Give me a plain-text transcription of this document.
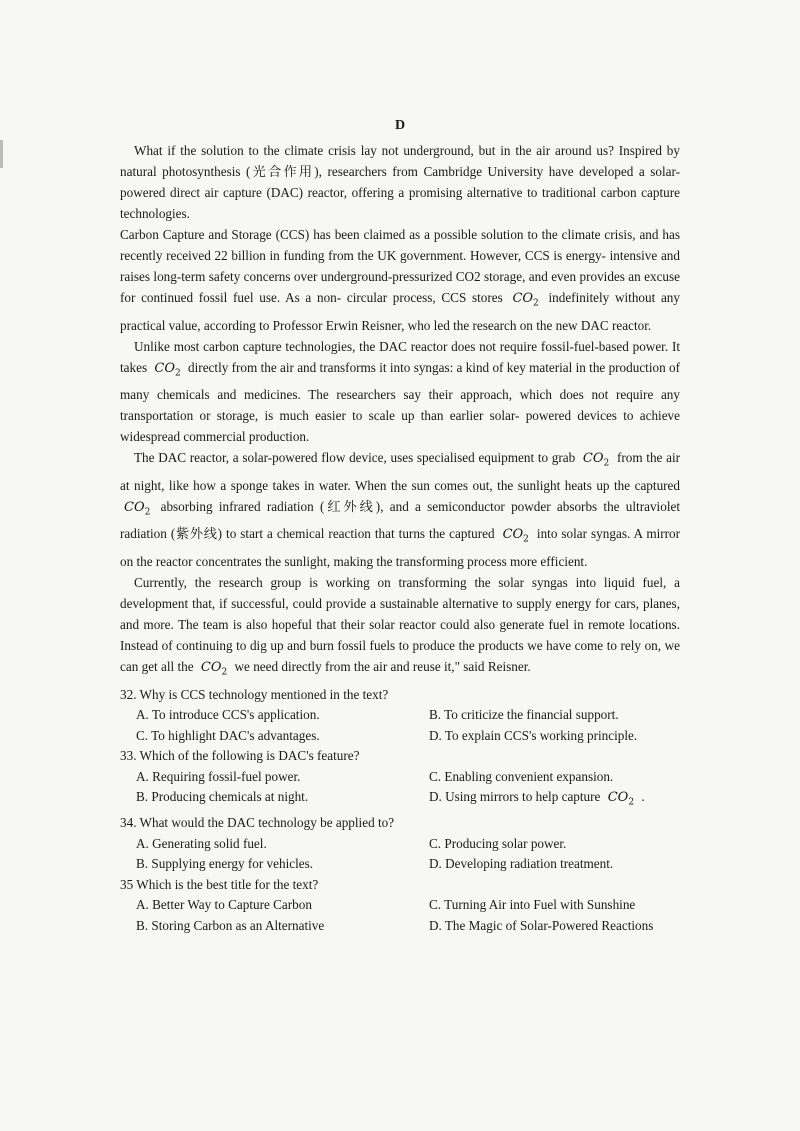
D

What if the solution to the climate crisis lay not underground, but in the air around us? Inspired by natural photosynthesis (光合作用), researchers from Cambridge University have developed a solar-powered direct air capture (DAC) reactor, offering a promising alternative to traditional carbon capture technologies.

Carbon Capture and Storage (CCS) has been claimed as a possible solution to the climate crisis, and has recently received 22 billion in funding from the UK government. However, CCS is energy- intensive and raises long-term safety concerns over underground-pressurized CO2 storage, and even provides an excuse for continued fossil fuel use. As a non- circular process, CCS stores $CO_2$ indefinitely without any practical value, according to Professor Erwin Reisner, who led the research on the new DAC reactor.

Unlike most carbon capture technologies, the DAC reactor does not require fossil-fuel-based power. It takes $CO_2$ directly from the air and transforms it into syngas: a kind of key material in the production of many chemicals and medicines. The researchers say their approach, which does not require any transportation or storage, is much easier to scale up than earlier solar- powered devices to achieve widespread commercial production.

The DAC reactor, a solar-powered flow device, uses specialised equipment to grab $CO_2$ from the air at night, like how a sponge takes in water. When the sun comes out, the sunlight heats up the captured $CO_2$ absorbing infrared radiation (红外线), and a semiconductor powder absorbs the ultraviolet radiation (紫外线) to start a chemical reaction that turns the captured $CO_2$ into solar syngas. A mirror on the reactor concentrates the sunlight, making the transforming process more efficient.

Currently, the research group is working on transforming the solar syngas into liquid fuel, a development that, if successful, could provide a sustainable alternative to supply energy for cars, planes, and more. The team is also hopeful that their solar reactor could also generate fuel in remote locations. Instead of continuing to dig up and burn fossil fuels to produce the products we have come to rely on, we can get all the $CO_2$ we need directly from the air and reuse it," said Reisner.

32. Why is CCS technology mentioned in the text?
A. To introduce CCS's application.	B. To criticize the financial support.
C. To highlight DAC's advantages.	D. To explain CCS's working principle.
33. Which of the following is DAC's feature?
A. Requiring fossil-fuel power.	C. Enabling convenient expansion.
B. Producing chemicals at night.	D. Using mirrors to help capture $CO_2$ .
34. What would the DAC technology be applied to?
A. Generating solid fuel.	C. Producing solar power.
B. Supplying energy for vehicles.	D. Developing radiation treatment.
35 Which is the best title for the text?
A. Better Way to Capture Carbon	C. Turning Air into Fuel with Sunshine
B. Storing Carbon as an Alternative	D. The Magic of Solar-Powered Reactions
